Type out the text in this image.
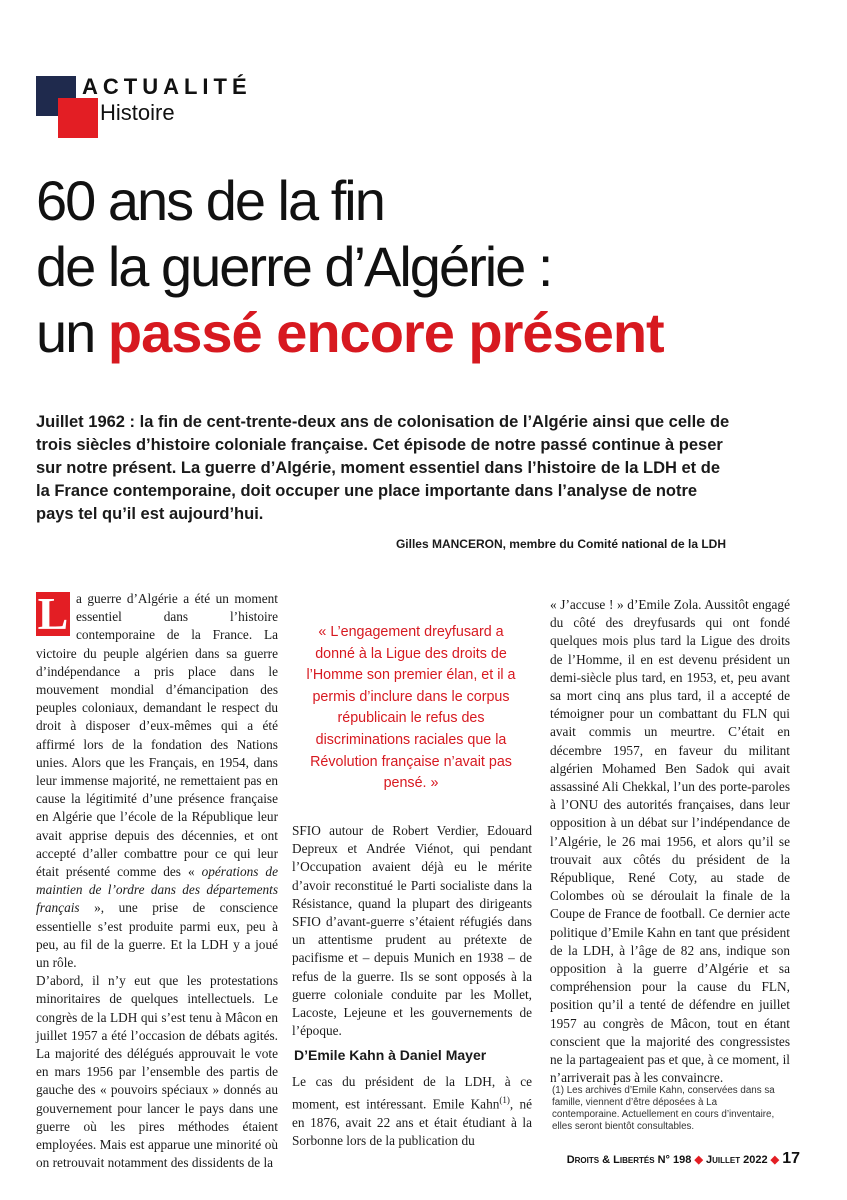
ACTUALITÉ
Histoire
60 ans de la fin
de la guerre d’Algérie :
un passé encore présent
Juillet 1962 : la fin de cent-trente-deux ans de colonisation de l’Algérie ainsi que celle de trois siècles d’histoire coloniale française. Cet épisode de notre passé continue à peser sur notre présent. La guerre d’Algérie, moment essentiel dans l’histoire de la LDH et de la France contemporaine, doit occuper une place importante dans l’analyse de notre pays tel qu’il est aujourd’hui.
Gilles MANCERON, membre du Comité national de la LDH

L a guerre d’Algérie a été un moment essentiel dans l’histoire contemporaine de la France. La victoire du peuple algérien dans sa guerre d’indépendance a pris place dans le mouvement mondial d’émancipation des peuples coloniaux, demandant le respect du droit à disposer d’eux-mêmes qui a été affirmé lors de la fondation des Nations unies. Alors que les Français, en 1954, dans leur immense majorité, ne remettaient pas en cause la légitimité d’une présence française en Algérie que l’école de la République leur avait apprise depuis des décennies, et ont accepté d’aller combattre pour ce qui leur était présenté comme des « opérations de maintien de l’ordre dans des départements français », une prise de conscience essentielle s’est produite parmi eux, peu à peu, au fil de la guerre. Et la LDH y a joué un rôle.

D’abord, il n’y eut que les protestations minoritaires de quelques intellectuels. Le congrès de la LDH qui s’est tenu à Mâcon en juillet 1957 a été l’occasion de débats agités. La majorité des délégués approuvait le vote en mars 1956 par l’ensemble des partis de gauche des « pouvoirs spéciaux » donnés au gouvernement pour lancer le pays dans une guerre où les pires méthodes étaient employées. Mais est apparue une minorité où on retrouvait notamment des dissidents de la

« L’engagement dreyfusard a donné à la Ligue des droits de l’Homme son premier élan, et il a permis d’inclure dans le corpus républicain le refus des discriminations raciales que la Révolution française n’avait pas pensé. »

SFIO autour de Robert Verdier, Edouard Depreux et Andrée Viénot, qui pendant l’Occupation avaient déjà eu le mérite d’avoir reconstitué le Parti socialiste dans la Résistance, quand la plupart des dirigeants SFIO d’avant-guerre s’étaient réfugiés dans un attentisme prudent au prétexte de pacifisme et – depuis Munich en 1938 – de refus de la guerre. Ils se sont opposés à la guerre coloniale conduite par les Mollet, Lacoste, Lejeune et les gouvernements de l’époque.

D’Emile Kahn à Daniel Mayer

Le cas du président de la LDH, à ce moment, est intéressant. Emile Kahn$^{(1)}$, né en 1876, avait 22 ans et était étudiant à la Sorbonne lors de la publication du

« J’accuse ! » d’Emile Zola. Aussitôt engagé du côté des dreyfusards qui ont fondé quelques mois plus tard la Ligue des droits de l’Homme, il en est devenu président un demi-siècle plus tard, en 1953, et, peu avant sa mort cinq ans plus tard, il a accepté de témoigner pour un combattant du FLN qui avait commis un meurtre. C’était en décembre 1957, en faveur du militant algérien Mohamed Ben Sadok qui avait assassiné Ali Chekkal, l’un des porte-paroles à l’ONU des autorités françaises, dans leur opposition à un débat sur l’indépendance de l’Algérie, le 26 mai 1956, et alors qu’il se trouvait aux côtés du président de la République, René Coty, au stade de Colombes où se déroulait la finale de la Coupe de France de football. Ce dernier acte politique d’Emile Kahn en tant que président de la LDH, à l’âge de 82 ans, indique son opposition à la guerre d’Algérie et sa compréhension pour la cause du FLN, position qu’il a tenté de défendre en juillet 1957 au congrès de Mâcon, tout en étant conscient que la majorité des congressistes ne la partageaient pas et que, à ce moment, il n’arriverait pas à les convaincre.

(1) Les archives d’Emile Kahn, conservées dans sa famille, viennent d’être déposées à La contemporaine. Actuellement en cours d’inventaire, elles seront bientôt consultables.
Droits & Libertés N° 198 ◆ Juillet 2022 ◆ 17
